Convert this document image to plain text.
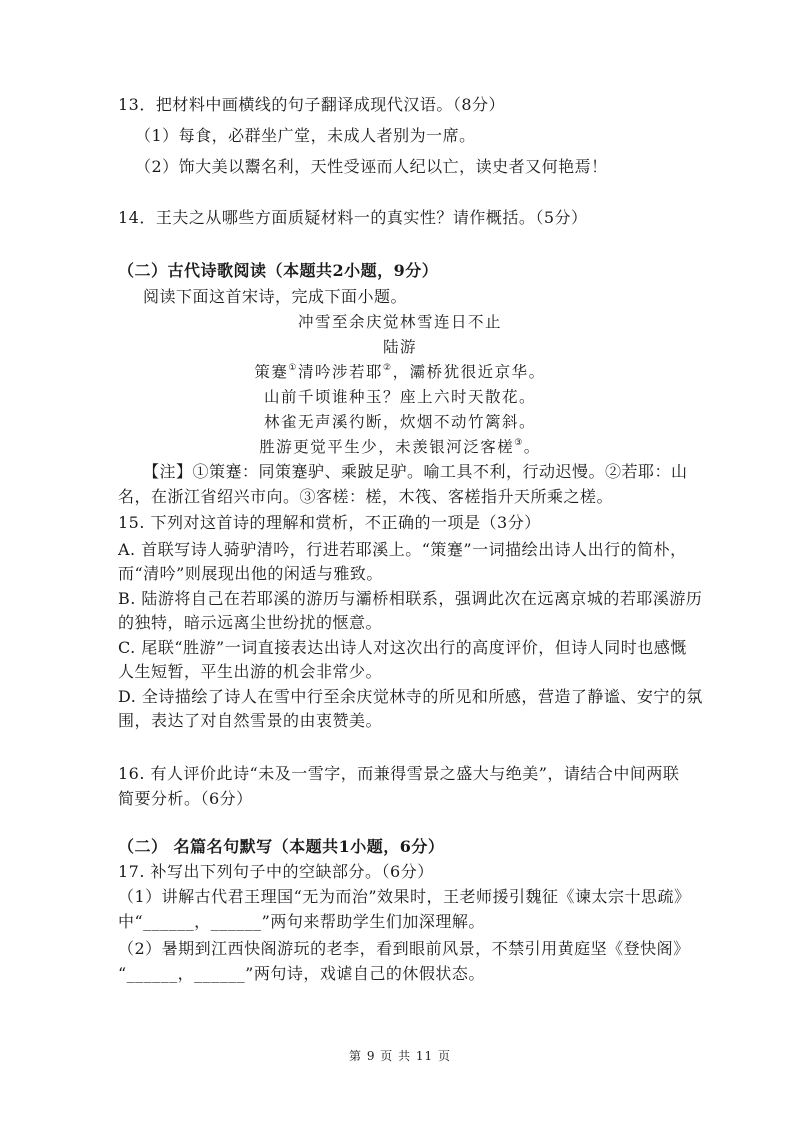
13．把材料中画横线的句子翻译成现代汉语。（8分）
（1）每食，必群坐广堂，未成人者别为一席。
（2）饰大美以鬻名利，天性受诬而人纪以亡，读史者又何艳焉！
14．王夫之从哪些方面质疑材料一的真实性？请作概括。（5分）
（二）古代诗歌阅读（本题共2小题，9分）
阅读下面这首宋诗，完成下面小题。
冲雪至余庆觉林雪连日不止
陆游
策蹇①清吟涉若耶②，灞桥犹很近京华。
山前千顷谁种玉？座上六时天散花。
林雀无声溪彴断，炊烟不动竹篱斜。
胜游更觉平生少，未羡银河泛客槎③。
【注】①策蹇：同策蹇驴、乘跛足驴。喻工具不利，行动迟慢。②若耶：山
名，在浙江省绍兴市向。③客槎：槎，木筏、客槎指升天所乘之槎。
15. 下列对这首诗的理解和赏析，不正确的一项是（3分）
A. 首联写诗人骑驴清吟，行进若耶溪上。“策蹇”一词描绘出诗人出行的简朴，
而“清吟”则展现出他的闲适与雅致。
B. 陆游将自己在若耶溪的游历与灞桥相联系，强调此次在远离京城的若耶溪游历
的独特，暗示远离尘世纷扰的惬意。
C. 尾联“胜游”一词直接表达出诗人对这次出行的高度评价，但诗人同时也感慨
人生短暂，平生出游的机会非常少。
D. 全诗描绘了诗人在雪中行至余庆觉林寺的所见和所感，营造了静谧、安宁的氛
围，表达了对自然雪景的由衷赞美。
16. 有人评价此诗“未及一雪字，而兼得雪景之盛大与绝美”，请结合中间两联
简要分析。（6分）
（二） 名篇名句默写（本题共1小题，6分）
17. 补写出下列句子中的空缺部分。（6分）
（1）讲解古代君王理国“无为而治”效果时，王老师援引魏征《谏太宗十思疏》
中“______，______”两句来帮助学生们加深理解。
（2）暑期到江西快阁游玩的老李，看到眼前风景，不禁引用黄庭坚《登快阁》
“______，______”两句诗，戏谑自己的休假状态。
第 9 页 共 11 页
